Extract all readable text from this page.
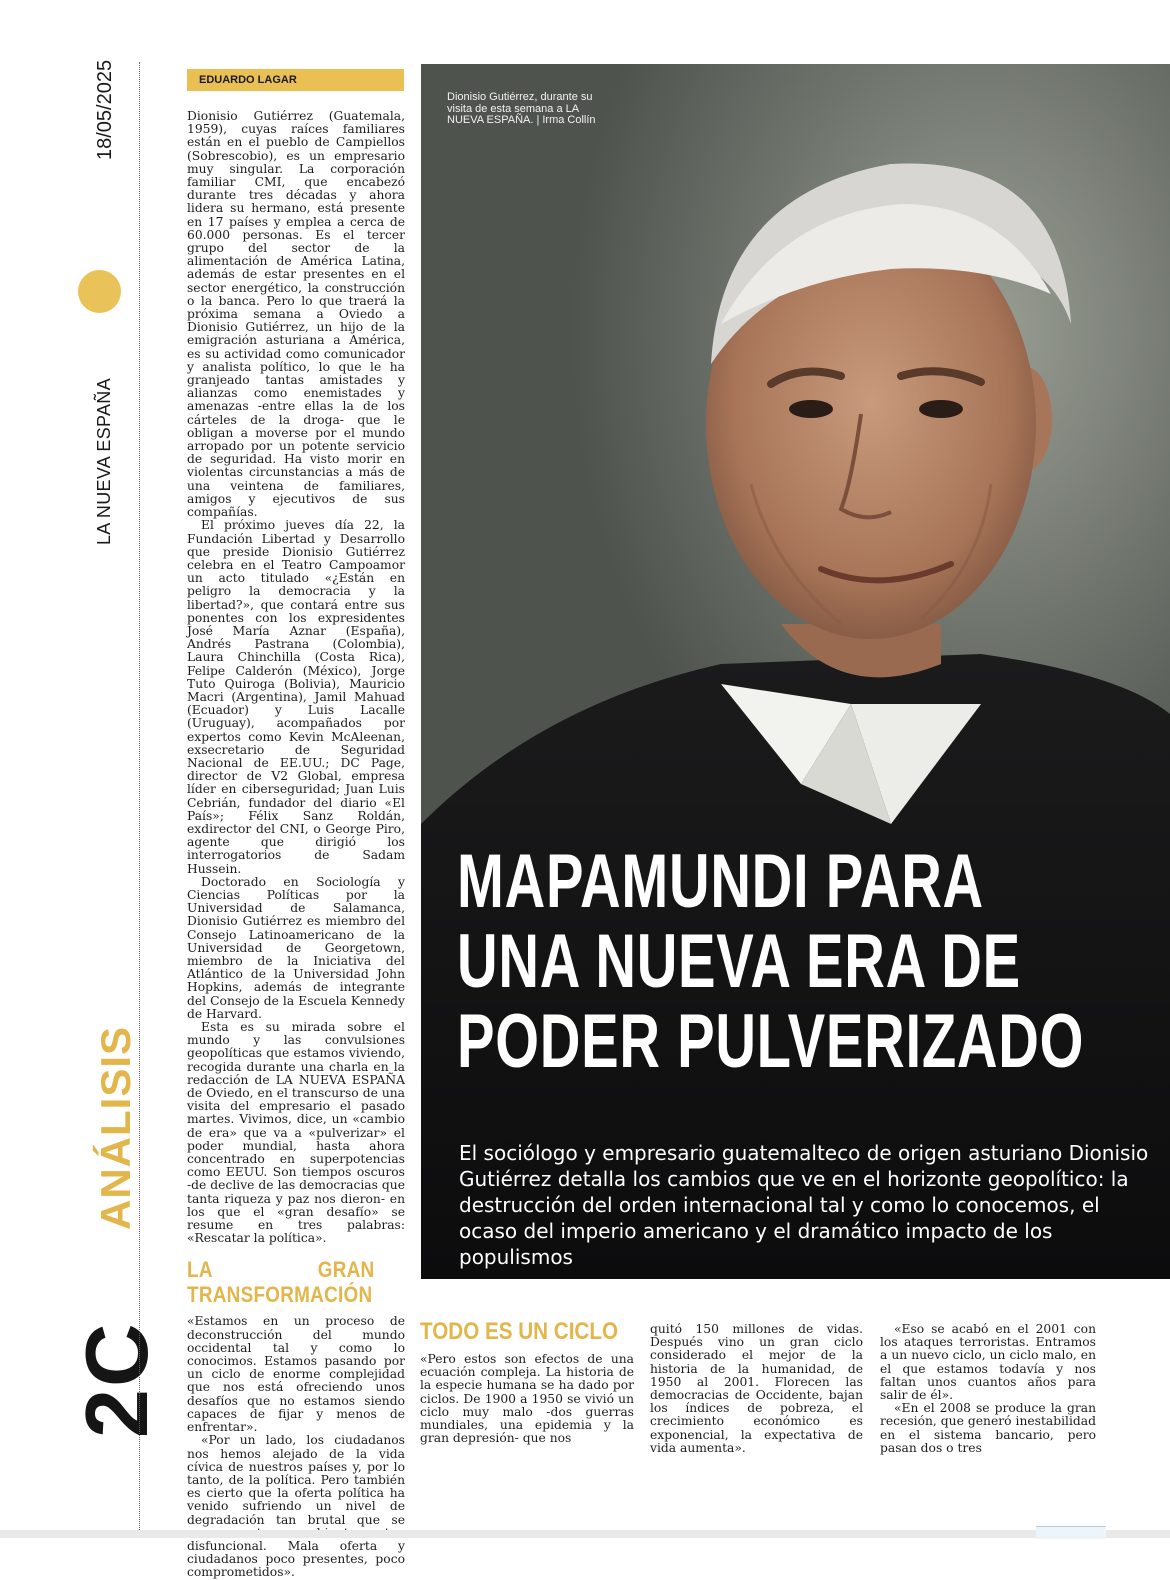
18/05/2025
LA NUEVA ESPAÑA
ANÁLISIS
2C
EDUARDO LAGAR

Dionisio Gutiérrez (Guatemala, 1959), cuyas raíces familiares están en el pueblo de Campiellos (Sobrescobio), es un empresario muy singular. La corporación familiar CMI, que encabezó durante tres décadas y ahora lidera su hermano, está presente en 17 países y emplea a cerca de 60.000 personas. Es el tercer grupo del sector de la alimentación de América Latina, además de estar presentes en el sector energético, la construcción o la banca. Pero lo que traerá la próxima semana a Oviedo a Dionisio Gutiérrez, un hijo de la emigración asturiana a América, es su actividad como comunicador y analista político, lo que le ha granjeado tantas amistades y alianzas como enemistades y amenazas -entre ellas la de los cárteles de la droga- que le obligan a moverse por el mundo arropado por un potente servicio de seguridad. Ha visto morir en violentas circunstancias a más de una veintena de familiares, amigos y ejecutivos de sus compañías.

El próximo jueves día 22, la Fundación Libertad y Desarrollo que preside Dionisio Gutiérrez celebra en el Teatro Campoamor un acto titulado «¿Están en peligro la democracia y la libertad?», que contará entre sus ponentes con los expresidentes José María Aznar (España), Andrés Pastrana (Colombia), Laura Chinchilla (Costa Rica), Felipe Calderón (México), Jorge Tuto Quiroga (Bolivia), Mauricio Macri (Argentina), Jamil Mahuad (Ecuador) y Luis Lacalle (Uruguay), acompañados por expertos como Kevin McAleenan, exsecretario de Seguridad Nacional de EE.UU.; DC Page, director de V2 Global, empresa líder en ciberseguridad; Juan Luis Cebrián, fundador del diario «El País»; Félix Sanz Roldán, exdirector del CNI, o George Piro, agente que dirigió los interrogatorios de Sadam Hussein.

Doctorado en Sociología y Ciencias Políticas por la Universidad de Salamanca, Dionisio Gutiérrez es miembro del Consejo Latinoamericano de la Universidad de Georgetown, miembro de la Iniciativa del Atlántico de la Universidad John Hopkins, además de integrante del Consejo de la Escuela Kennedy de Harvard.

Esta es su mirada sobre el mundo y las convulsiones geopolíticas que estamos viviendo, recogida durante una charla en la redacción de LA NUEVA ESPAÑA de Oviedo, en el transcurso de una visita del empresario el pasado martes. Vivimos, dice, un «cambio de era» que va a «pulverizar» el poder mundial, hasta ahora concentrado en superpotencias como EEUU. Son tiempos oscuros -de declive de las democracias que tanta riqueza y paz nos dieron- en los que el «gran desafío» se resume en tres palabras: «Rescatar la política».

LA GRAN TRANSFORMACIÓN

«Estamos en un proceso de deconstrucción del mundo occidental tal y como lo conocimos. Estamos pasando por un ciclo de enorme complejidad que nos está ofreciendo unos desafíos que no estamos siendo capaces de fijar y menos de enfrentar».

«Por un lado, los ciudadanos nos hemos alejado de la vida cívica de nuestros países y, por lo tanto, de la política. Pero también es cierto que la oferta política ha venido sufriendo un nivel de degradación tan brutal que se disfuncional. Mala oferta y ciudadanos poco presentes, poco comprometidos».

Dionisio Gutiérrez, durante su visita de esta semana a LA NUEVA ESPAÑA. | Irma Collín
MAPAMUNDI PARA
UNA NUEVA ERA DE
PODER PULVERIZADO
El sociólogo y empresario guatemalteco de origen asturiano Dionisio Gutiérrez detalla los cambios que ve en el horizonte geopolítico: la destrucción del orden internacional tal y como lo conocemos, el ocaso del imperio americano y el dramático impacto de los populismos
TODO ES UN CICLO

«Pero estos son efectos de una ecuación compleja. La historia de la especie humana se ha dado por ciclos. De 1900 a 1950 se vivió un ciclo muy malo -dos guerras mundiales, una epidemia y la gran depresión- que nos

quitó 150 millones de vidas. Después vino un gran ciclo considerado el mejor de la historia de la humanidad, de 1950 al 2001. Florecen las democracias de Occidente, bajan los índices de pobreza, el crecimiento económico es exponencial, la expectativa de vida aumenta».

«Eso se acabó en el 2001 con los ataques terroristas. Entramos a un nuevo ciclo, un ciclo malo, en el que estamos todavía y nos faltan unos cuantos años para salir de él».

«En el 2008 se produce la gran recesión, que generó inestabilidad en el sistema bancario, pero pasan dos o tres
